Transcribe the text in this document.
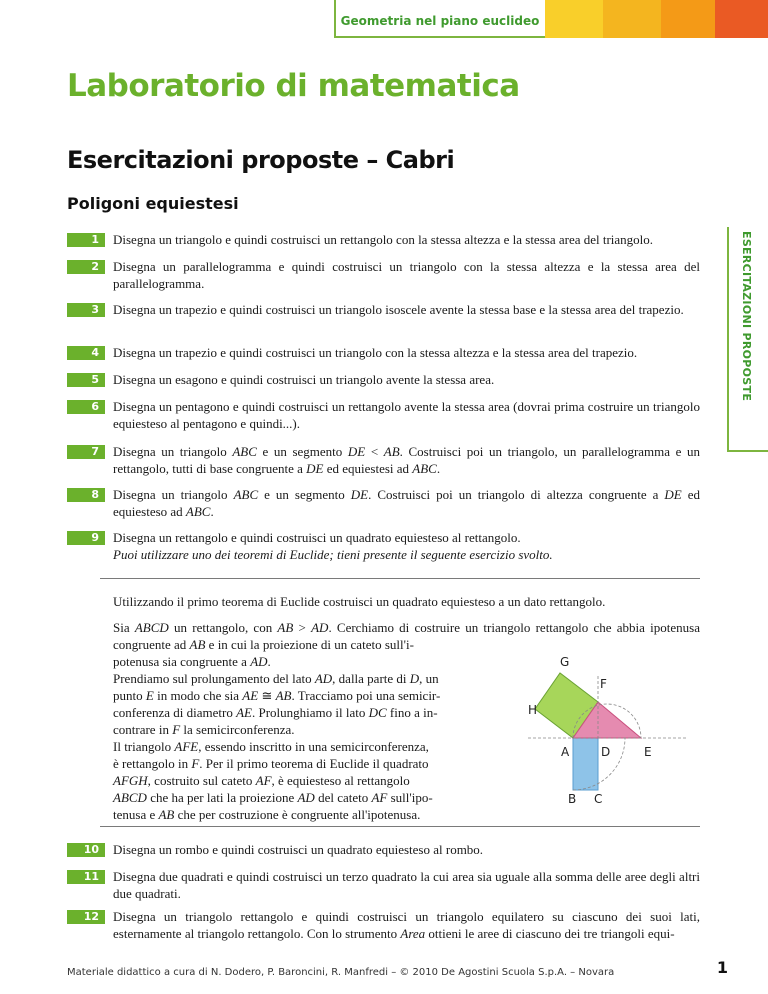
Geometria nel piano euclideo
Laboratorio di matematica
Esercitazioni proposte – Cabri
Poligoni equiestesi
ESERCITAZIONI PROPOSTE
1	Disegna un triangolo e quindi costruisci un rettangolo con la stessa altezza e la stessa area del triangolo.
2	Disegna un parallelogramma e quindi costruisci un triangolo con la stessa altezza e la stessa area del parallelogramma.
3	Disegna un trapezio e quindi costruisci un triangolo isoscele avente la stessa base e la stessa area del trapezio.
4	Disegna un trapezio e quindi costruisci un triangolo con la stessa altezza e la stessa area del trapezio.
5	Disegna un esagono e quindi costruisci un triangolo avente la stessa area.
6	Disegna un pentagono e quindi costruisci un rettangolo avente la stessa area (dovrai prima costruire un triangolo equiesteso al pentagono e quindi...).
7	Disegna un triangolo ABC e un segmento DE < AB. Costruisci poi un triangolo, un parallelogramma e un rettangolo, tutti di base congruente a DE ed equiestesi ad ABC.
8	Disegna un triangolo ABC e un segmento DE. Costruisci poi un triangolo di altezza congruente a DE ed equiesteso ad ABC.
9	Disegna un rettangolo e quindi costruisci un quadrato equiesteso al rettangolo.
Puoi utilizzare uno dei teoremi di Euclide; tieni presente il seguente esercizio svolto.
Utilizzando il primo teorema di Euclide costruisci un quadrato equiesteso a un dato rettangolo.
Sia ABCD un rettangolo, con AB > AD. Cerchiamo di costruire un triangolo rettangolo che abbia ipotenusa congruente ad AB e in cui la proiezione di un cateto sull'i-
potenusa sia congruente a AD.
Prendiamo sul prolungamento del lato AD, dalla parte di D, un
punto E in modo che sia AE ≅ AB. Tracciamo poi una semicir-
conferenza di diametro AE. Prolunghiamo il lato DC fino a in-
contrare in F la semicirconferenza.
Il triangolo AFE, essendo inscritto in una semicirconferenza,
è rettangolo in F. Per il primo teorema di Euclide il quadrato
AFGH, costruito sul cateto AF, è equiesteso al rettangolo
ABCD che ha per lati la proiezione AD del cateto AF sull'ipo-
tenusa e AB che per costruzione è congruente all'ipotenusa.
G
F
H
A	D	E
B C
10	Disegna un rombo e quindi costruisci un quadrato equiesteso al rombo.
11	Disegna due quadrati e quindi costruisci un terzo quadrato la cui area sia uguale alla somma delle aree degli altri due quadrati.
12	Disegna un triangolo rettangolo e quindi costruisci un triangolo equilatero su ciascuno dei suoi lati, esternamente al triangolo rettangolo. Con lo strumento Area ottieni le aree di ciascuno dei tre triangoli equi-
Materiale didattico a cura di N. Dodero, P. Baroncini, R. Manfredi – © 2010 De Agostini Scuola S.p.A. – Novara	1
